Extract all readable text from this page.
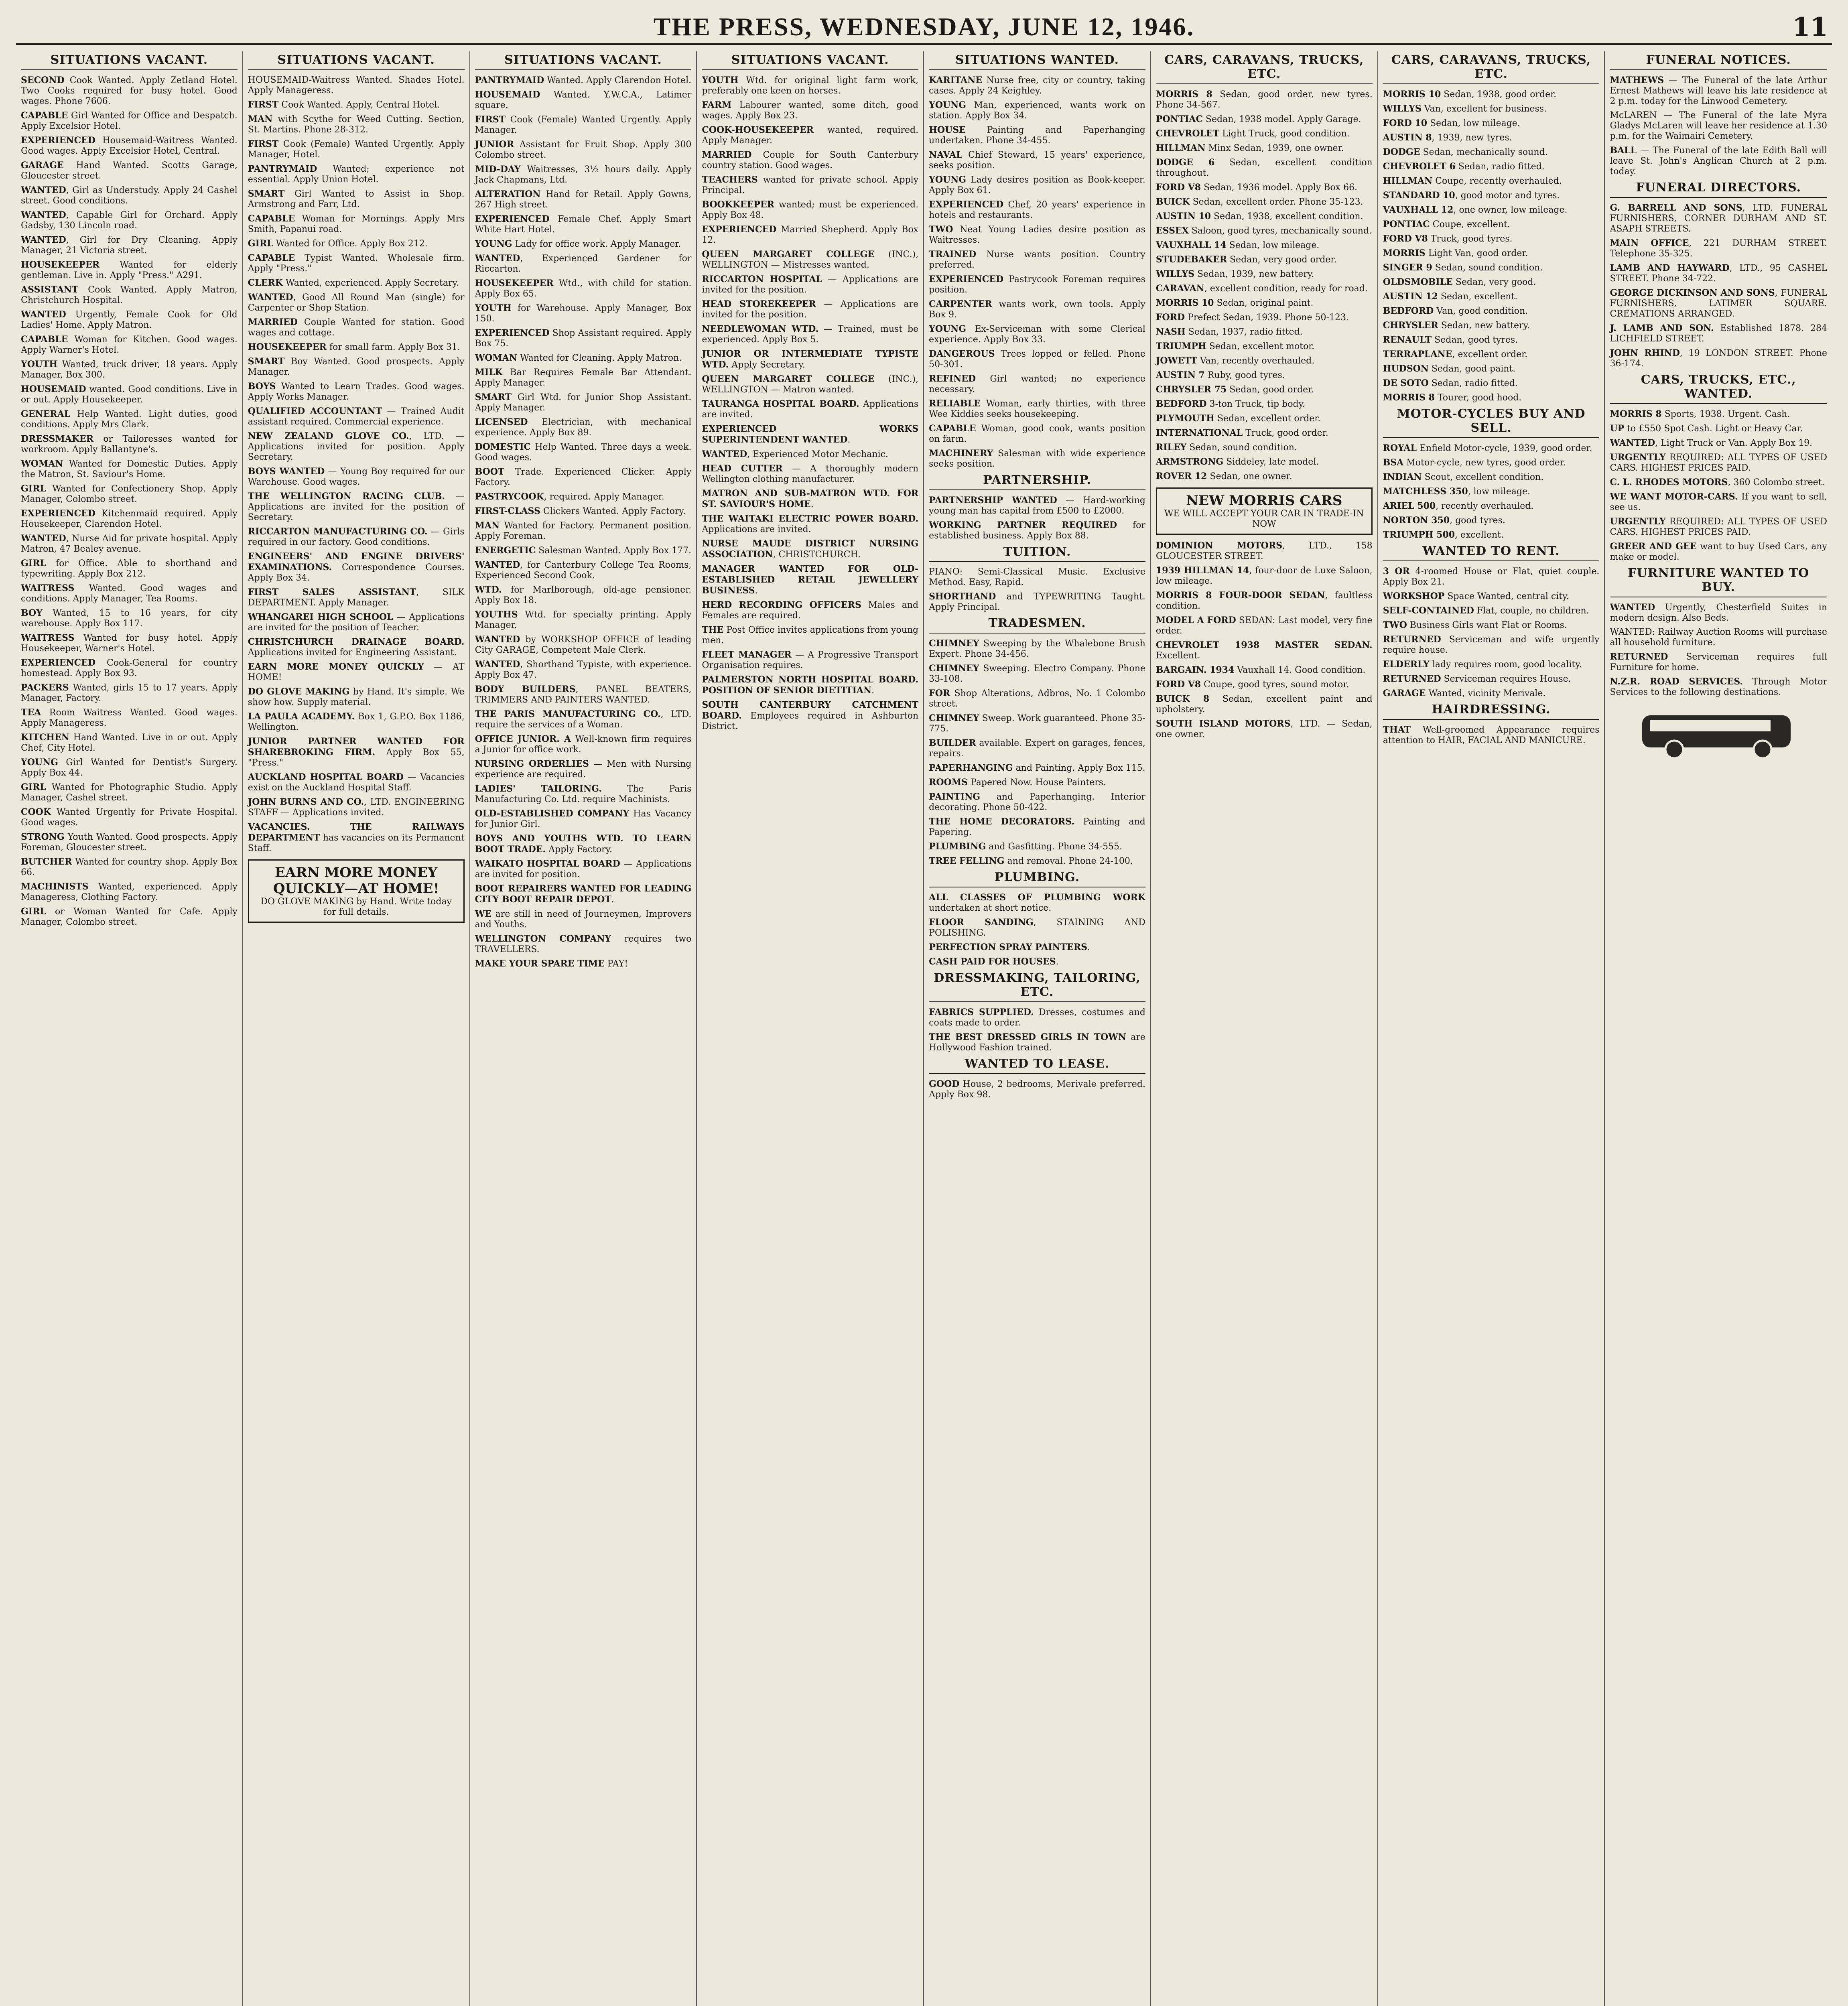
THE PRESS, WEDNESDAY, JUNE 12, 1946.	11
SITUATIONS VACANT.
SECOND Cook Wanted. Apply Zetland Hotel. Two Cooks required for busy hotel. Good wages. Phone 7606.
CAPABLE Girl Wanted for Office and Despatch. Apply Excelsior Hotel.
EXPERIENCED Housemaid-Waitress Wanted. Good wages. Apply Excelsior Hotel, Central.
GARAGE Hand Wanted. Scotts Garage, Gloucester street.
WANTED, Girl as Understudy. Apply 24 Cashel street. Good conditions.
WANTED, Capable Girl for Orchard. Apply Gadsby, 130 Lincoln road.
WANTED, Girl for Dry Cleaning. Apply Manager, 21 Victoria street.
HOUSEKEEPER Wanted for elderly gentleman. Live in. Apply "Press." A291.
ASSISTANT Cook Wanted. Apply Matron, Christchurch Hospital.
WANTED Urgently, Female Cook for Old Ladies' Home. Apply Matron.
CAPABLE Woman for Kitchen. Good wages. Apply Warner's Hotel.
YOUTH Wanted, truck driver, 18 years. Apply Manager, Box 300.
HOUSEMAID wanted. Good conditions. Live in or out. Apply Housekeeper.
GENERAL Help Wanted. Light duties, good conditions. Apply Mrs Clark.
DRESSMAKER or Tailoresses wanted for workroom. Apply Ballantyne's.
WOMAN Wanted for Domestic Duties. Apply the Matron, St. Saviour's Home.
GIRL Wanted for Confectionery Shop. Apply Manager, Colombo street.
EXPERIENCED Kitchenmaid required. Apply Housekeeper, Clarendon Hotel.
WANTED, Nurse Aid for private hospital. Apply Matron, 47 Bealey avenue.
GIRL for Office. Able to shorthand and typewriting. Apply Box 212.
WAITRESS Wanted. Good wages and conditions. Apply Manager, Tea Rooms.
BOY Wanted, 15 to 16 years, for city warehouse. Apply Box 117.
WAITRESS Wanted for busy hotel. Apply Housekeeper, Warner's Hotel.
EXPERIENCED Cook-General for country homestead. Apply Box 93.
PACKERS Wanted, girls 15 to 17 years. Apply Manager, Factory.
TEA Room Waitress Wanted. Good wages. Apply Manageress.
KITCHEN Hand Wanted. Live in or out. Apply Chef, City Hotel.
YOUNG Girl Wanted for Dentist's Surgery. Apply Box 44.
GIRL Wanted for Photographic Studio. Apply Manager, Cashel street.
COOK Wanted Urgently for Private Hospital. Good wages.
STRONG Youth Wanted. Good prospects. Apply Foreman, Gloucester street.
BUTCHER Wanted for country shop. Apply Box 66.
MACHINISTS Wanted, experienced. Apply Manageress, Clothing Factory.
GIRL or Woman Wanted for Cafe. Apply Manager, Colombo street.
SITUATIONS VACANT.
HOUSEMAID-Waitress Wanted. Shades Hotel. Apply Manageress.
FIRST Cook Wanted. Apply, Central Hotel.
MAN with Scythe for Weed Cutting. Section, St. Martins. Phone 28-312.
FIRST Cook (Female) Wanted Urgently. Apply Manager, Hotel.
PANTRYMAID Wanted; experience not essential. Apply Union Hotel.
SMART Girl Wanted to Assist in Shop. Armstrong and Farr, Ltd.
CAPABLE Woman for Mornings. Apply Mrs Smith, Papanui road.
GIRL Wanted for Office. Apply Box 212.
CAPABLE Typist Wanted. Wholesale firm. Apply "Press."
CLERK Wanted, experienced. Apply Secretary.
WANTED, Good All Round Man (single) for Carpenter or Shop Station.
MARRIED Couple Wanted for station. Good wages and cottage.
HOUSEKEEPER for small farm. Apply Box 31.
SMART Boy Wanted. Good prospects. Apply Manager.
BOYS Wanted to Learn Trades. Good wages. Apply Works Manager.
QUALIFIED ACCOUNTANT — Trained Audit assistant required. Commercial experience.
NEW ZEALAND GLOVE CO., LTD. — Applications invited for position. Apply Secretary.
BOYS WANTED — Young Boy required for our Warehouse. Good wages.
THE WELLINGTON RACING CLUB. — Applications are invited for the position of Secretary.
RICCARTON MANUFACTURING CO. — Girls required in our factory. Good conditions.
ENGINEERS' AND ENGINE DRIVERS' EXAMINATIONS. Correspondence Courses. Apply Box 34.
FIRST SALES ASSISTANT, SILK DEPARTMENT. Apply Manager.
WHANGAREI HIGH SCHOOL — Applications are invited for the position of Teacher.
CHRISTCHURCH DRAINAGE BOARD. Applications invited for Engineering Assistant.
EARN MORE MONEY QUICKLY — AT HOME!
DO GLOVE MAKING by Hand. It's simple. We show how. Supply material.
LA PAULA ACADEMY. Box 1, G.P.O. Box 1186, Wellington.
JUNIOR PARTNER WANTED FOR SHAREBROKING FIRM. Apply Box 55, "Press."
AUCKLAND HOSPITAL BOARD — Vacancies exist on the Auckland Hospital Staff.
JOHN BURNS AND CO., LTD. ENGINEERING STAFF — Applications invited.
VACANCIES. THE RAILWAYS DEPARTMENT has vacancies on its Permanent Staff.
EARN MORE MONEY QUICKLY—AT HOME!
DO GLOVE MAKING by Hand. Write today for full details.
SITUATIONS VACANT.
PANTRYMAID Wanted. Apply Clarendon Hotel.
HOUSEMAID Wanted. Y.W.C.A., Latimer square.
FIRST Cook (Female) Wanted Urgently. Apply Manager.
JUNIOR Assistant for Fruit Shop. Apply 300 Colombo street.
MID-DAY Waitresses, 3½ hours daily. Apply Jack Chapmans, Ltd.
ALTERATION Hand for Retail. Apply Gowns, 267 High street.
EXPERIENCED Female Chef. Apply Smart White Hart Hotel.
YOUNG Lady for office work. Apply Manager.
WANTED, Experienced Gardener for Riccarton.
HOUSEKEEPER Wtd., with child for station. Apply Box 65.
YOUTH for Warehouse. Apply Manager, Box 150.
EXPERIENCED Shop Assistant required. Apply Box 75.
WOMAN Wanted for Cleaning. Apply Matron.
MILK Bar Requires Female Bar Attendant. Apply Manager.
SMART Girl Wtd. for Junior Shop Assistant. Apply Manager.
LICENSED Electrician, with mechanical experience. Apply Box 89.
DOMESTIC Help Wanted. Three days a week. Good wages.
BOOT Trade. Experienced Clicker. Apply Factory.
PASTRYCOOK, required. Apply Manager.
FIRST-CLASS Clickers Wanted. Apply Factory.
MAN Wanted for Factory. Permanent position. Apply Foreman.
ENERGETIC Salesman Wanted. Apply Box 177.
WANTED, for Canterbury College Tea Rooms, Experienced Second Cook.
WTD. for Marlborough, old-age pensioner. Apply Box 18.
YOUTHS Wtd. for specialty printing. Apply Manager.
WANTED by WORKSHOP OFFICE of leading City GARAGE, Competent Male Clerk.
WANTED, Shorthand Typiste, with experience. Apply Box 47.
BODY BUILDERS, PANEL BEATERS, TRIMMERS AND PAINTERS WANTED.
THE PARIS MANUFACTURING CO., LTD. require the services of a Woman.
OFFICE JUNIOR. A Well-known firm requires a Junior for office work.
NURSING ORDERLIES — Men with Nursing experience are required.
LADIES' TAILORING. The Paris Manufacturing Co. Ltd. require Machinists.
OLD-ESTABLISHED COMPANY Has Vacancy for Junior Girl.
BOYS AND YOUTHS WTD. TO LEARN BOOT TRADE. Apply Factory.
WAIKATO HOSPITAL BOARD — Applications are invited for position.
BOOT REPAIRERS WANTED FOR LEADING CITY BOOT REPAIR DEPOT.
WE are still in need of Journeymen, Improvers and Youths.
WELLINGTON COMPANY requires two TRAVELLERS.
MAKE YOUR SPARE TIME PAY!
SITUATIONS VACANT.
YOUTH Wtd. for original light farm work, preferably one keen on horses.
FARM Labourer wanted, some ditch, good wages. Apply Box 23.
COOK-HOUSEKEEPER wanted, required. Apply Manager.
MARRIED Couple for South Canterbury country station. Good wages.
TEACHERS wanted for private school. Apply Principal.
BOOKKEEPER wanted; must be experienced. Apply Box 48.
EXPERIENCED Married Shepherd. Apply Box 12.
QUEEN MARGARET COLLEGE (INC.), WELLINGTON — Mistresses wanted.
RICCARTON HOSPITAL — Applications are invited for the position.
HEAD STOREKEEPER — Applications are invited for the position.
NEEDLEWOMAN WTD. — Trained, must be experienced. Apply Box 5.
JUNIOR OR INTERMEDIATE TYPISTE WTD. Apply Secretary.
QUEEN MARGARET COLLEGE (INC.), WELLINGTON — Matron wanted.
TAURANGA HOSPITAL BOARD. Applications are invited.
EXPERIENCED WORKS SUPERINTENDENT WANTED.
WANTED, Experienced Motor Mechanic.
HEAD CUTTER — A thoroughly modern Wellington clothing manufacturer.
MATRON AND SUB-MATRON WTD. FOR ST. SAVIOUR'S HOME.
THE WAITAKI ELECTRIC POWER BOARD. Applications are invited.
NURSE MAUDE DISTRICT NURSING ASSOCIATION, CHRISTCHURCH.
MANAGER WANTED FOR OLD-ESTABLISHED RETAIL JEWELLERY BUSINESS.
HERD RECORDING OFFICERS Males and Females are required.
THE Post Office invites applications from young men.
FLEET MANAGER — A Progressive Transport Organisation requires.
PALMERSTON NORTH HOSPITAL BOARD. POSITION OF SENIOR DIETITIAN.
SOUTH CANTERBURY CATCHMENT BOARD. Employees required in Ashburton District.
SITUATIONS WANTED.
KARITANE Nurse free, city or country, taking cases. Apply 24 Keighley.
YOUNG Man, experienced, wants work on station. Apply Box 34.
HOUSE Painting and Paperhanging undertaken. Phone 34-455.
NAVAL Chief Steward, 15 years' experience, seeks position.
YOUNG Lady desires position as Book-keeper. Apply Box 61.
EXPERIENCED Chef, 20 years' experience in hotels and restaurants.
TWO Neat Young Ladies desire position as Waitresses.
TRAINED Nurse wants position. Country preferred.
EXPERIENCED Pastrycook Foreman requires position.
CARPENTER wants work, own tools. Apply Box 9.
YOUNG Ex-Serviceman with some Clerical experience. Apply Box 33.
DANGEROUS Trees lopped or felled. Phone 50-301.
REFINED Girl wanted; no experience necessary.
RELIABLE Woman, early thirties, with three Wee Kiddies seeks housekeeping.
CAPABLE Woman, good cook, wants position on farm.
MACHINERY Salesman with wide experience seeks position.
PARTNERSHIP.
PARTNERSHIP WANTED — Hard-working young man has capital from £500 to £2000.
WORKING PARTNER REQUIRED for established business. Apply Box 88.
TUITION.
PIANO: Semi-Classical Music. Exclusive Method. Easy, Rapid.
SHORTHAND and TYPEWRITING Taught. Apply Principal.
TRADESMEN.
CHIMNEY Sweeping by the Whalebone Brush Expert. Phone 34-456.
CHIMNEY Sweeping. Electro Company. Phone 33-108.
FOR Shop Alterations, Adbros, No. 1 Colombo street.
CHIMNEY Sweep. Work guaranteed. Phone 35-775.
BUILDER available. Expert on garages, fences, repairs.
PAPERHANGING and Painting. Apply Box 115.
ROOMS Papered Now. House Painters.
PAINTING and Paperhanging. Interior decorating. Phone 50-422.
THE HOME DECORATORS. Painting and Papering.
PLUMBING and Gasfitting. Phone 34-555.
TREE FELLING and removal. Phone 24-100.
PLUMBING.
ALL CLASSES OF PLUMBING WORK undertaken at short notice.
FLOOR SANDING, STAINING AND POLISHING.
PERFECTION SPRAY PAINTERS.
CASH PAID FOR HOUSES.
DRESSMAKING, TAILORING, ETC.
FABRICS SUPPLIED. Dresses, costumes and coats made to order.
THE BEST DRESSED GIRLS IN TOWN are Hollywood Fashion trained.
WANTED TO LEASE.
GOOD House, 2 bedrooms, Merivale preferred. Apply Box 98.
CARS, CARAVANS, TRUCKS, ETC.
MORRIS 8 Sedan, good order, new tyres. Phone 34-567.
PONTIAC Sedan, 1938 model. Apply Garage.
CHEVROLET Light Truck, good condition.
HILLMAN Minx Sedan, 1939, one owner.
DODGE 6 Sedan, excellent condition throughout.
FORD V8 Sedan, 1936 model. Apply Box 66.
BUICK Sedan, excellent order. Phone 35-123.
AUSTIN 10 Sedan, 1938, excellent condition.
ESSEX Saloon, good tyres, mechanically sound.
VAUXHALL 14 Sedan, low mileage.
STUDEBAKER Sedan, very good order.
WILLYS Sedan, 1939, new battery.
CARAVAN, excellent condition, ready for road.
MORRIS 10 Sedan, original paint.
FORD Prefect Sedan, 1939. Phone 50-123.
NASH Sedan, 1937, radio fitted.
TRIUMPH Sedan, excellent motor.
JOWETT Van, recently overhauled.
AUSTIN 7 Ruby, good tyres.
CHRYSLER 75 Sedan, good order.
BEDFORD 3-ton Truck, tip body.
PLYMOUTH Sedan, excellent order.
INTERNATIONAL Truck, good order.
RILEY Sedan, sound condition.
ARMSTRONG Siddeley, late model.
ROVER 12 Sedan, one owner.
NEW MORRIS CARS
WE WILL ACCEPT YOUR CAR IN TRADE-IN NOW
DOMINION MOTORS, LTD., 158 GLOUCESTER STREET.
1939 HILLMAN 14, four-door de Luxe Saloon, low mileage.
MORRIS 8 FOUR-DOOR SEDAN, faultless condition.
MODEL A FORD SEDAN: Last model, very fine order.
CHEVROLET 1938 MASTER SEDAN. Excellent.
BARGAIN. 1934 Vauxhall 14. Good condition.
FORD V8 Coupe, good tyres, sound motor.
BUICK 8 Sedan, excellent paint and upholstery.
SOUTH ISLAND MOTORS, LTD. — Sedan, one owner.
CARS, CARAVANS, TRUCKS, ETC.
MORRIS 10 Sedan, 1938, good order.
WILLYS Van, excellent for business.
FORD 10 Sedan, low mileage.
AUSTIN 8, 1939, new tyres.
DODGE Sedan, mechanically sound.
CHEVROLET 6 Sedan, radio fitted.
HILLMAN Coupe, recently overhauled.
STANDARD 10, good motor and tyres.
VAUXHALL 12, one owner, low mileage.
PONTIAC Coupe, excellent.
FORD V8 Truck, good tyres.
MORRIS Light Van, good order.
SINGER 9 Sedan, sound condition.
OLDSMOBILE Sedan, very good.
AUSTIN 12 Sedan, excellent.
BEDFORD Van, good condition.
CHRYSLER Sedan, new battery.
RENAULT Sedan, good tyres.
TERRAPLANE, excellent order.
HUDSON Sedan, good paint.
DE SOTO Sedan, radio fitted.
MORRIS 8 Tourer, good hood.
MOTOR-CYCLES BUY AND SELL.
ROYAL Enfield Motor-cycle, 1939, good order.
BSA Motor-cycle, new tyres, good order.
INDIAN Scout, excellent condition.
MATCHLESS 350, low mileage.
ARIEL 500, recently overhauled.
NORTON 350, good tyres.
TRIUMPH 500, excellent.
WANTED TO RENT.
3 OR 4-roomed House or Flat, quiet couple. Apply Box 21.
WORKSHOP Space Wanted, central city.
SELF-CONTAINED Flat, couple, no children.
TWO Business Girls want Flat or Rooms.
RETURNED Serviceman and wife urgently require house.
ELDERLY lady requires room, good locality.
RETURNED Serviceman requires House.
GARAGE Wanted, vicinity Merivale.
HAIRDRESSING.
THAT Well-groomed Appearance requires attention to HAIR, FACIAL AND MANICURE.
FUNERAL NOTICES.
MATHEWS — The Funeral of the late Arthur Ernest Mathews will leave his late residence at 2 p.m. today for the Linwood Cemetery.
McLAREN — The Funeral of the late Myra Gladys McLaren will leave her residence at 1.30 p.m. for the Waimairi Cemetery.
BALL — The Funeral of the late Edith Ball will leave St. John's Anglican Church at 2 p.m. today.
FUNERAL DIRECTORS.
G. BARRELL AND SONS, LTD. FUNERAL FURNISHERS, CORNER DURHAM AND ST. ASAPH STREETS.
MAIN OFFICE, 221 DURHAM STREET. Telephone 35-325.
LAMB AND HAYWARD, LTD., 95 CASHEL STREET. Phone 34-722.
GEORGE DICKINSON AND SONS, FUNERAL FURNISHERS, LATIMER SQUARE. CREMATIONS ARRANGED.
J. LAMB AND SON. Established 1878. 284 LICHFIELD STREET.
JOHN RHIND, 19 LONDON STREET. Phone 36-174.
CARS, TRUCKS, ETC., WANTED.
MORRIS 8 Sports, 1938. Urgent. Cash.
UP to £550 Spot Cash. Light or Heavy Car.
WANTED, Light Truck or Van. Apply Box 19.
URGENTLY REQUIRED: ALL TYPES OF USED CARS. HIGHEST PRICES PAID.
C. L. RHODES MOTORS, 360 Colombo street.
WE WANT MOTOR-CARS. If you want to sell, see us.
URGENTLY REQUIRED: ALL TYPES OF USED CARS. HIGHEST PRICES PAID.
GREER AND GEE want to buy Used Cars, any make or model.
FURNITURE WANTED TO BUY.
WANTED Urgently, Chesterfield Suites in modern design. Also Beds.
WANTED: Railway Auction Rooms will purchase all household furniture.
RETURNED Serviceman requires full Furniture for home.
N.Z.R. ROAD SERVICES. Through Motor Services to the following destinations.
